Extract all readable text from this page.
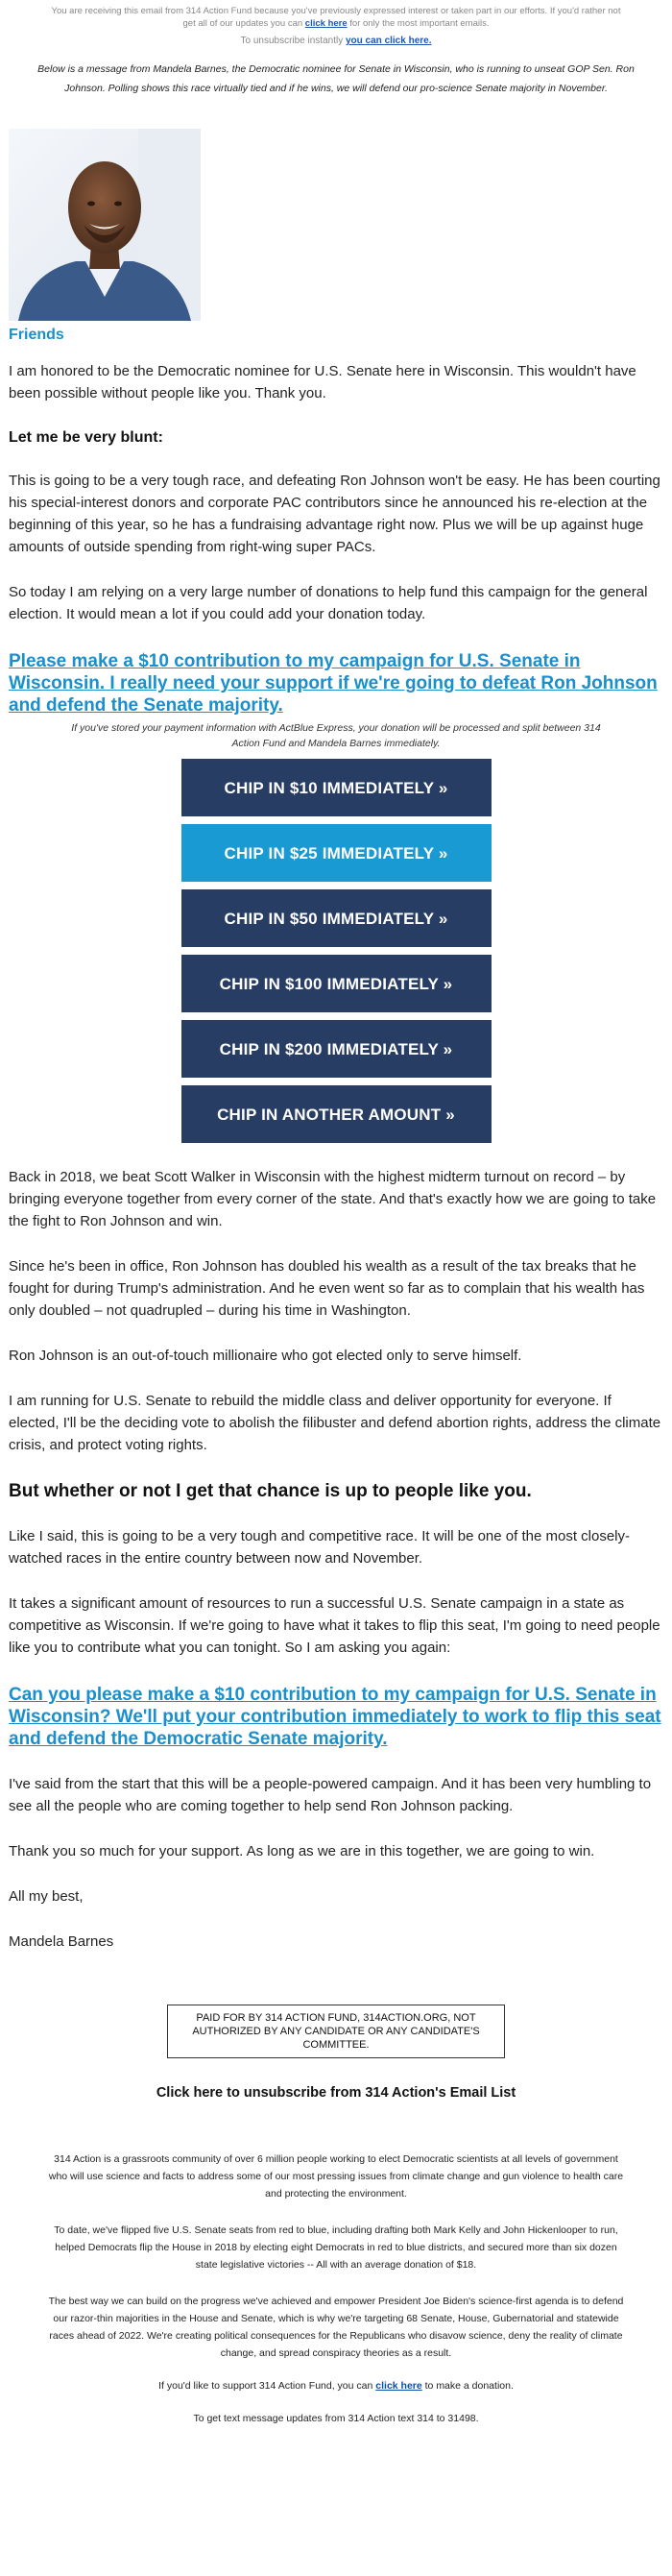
You are receiving this email from 314 Action Fund because you've previously expressed interest or taken part in our efforts. If you'd rather not get all of our updates you can click here for only the most important emails.
To unsubscribe instantly you can click here.
Below is a message from Mandela Barnes, the Democratic nominee for Senate in Wisconsin, who is running to unseat GOP Sen. Ron Johnson. Polling shows this race virtually tied and if he wins, we will defend our pro-science Senate majority in November.
Friends

I am honored to be the Democratic nominee for U.S. Senate here in Wisconsin. This wouldn't have been possible without people like you. Thank you.

Let me be very blunt:

This is going to be a very tough race, and defeating Ron Johnson won't be easy. He has been courting his special-interest donors and corporate PAC contributors since he announced his re-election at the beginning of this year, so he has a fundraising advantage right now. Plus we will be up against huge amounts of outside spending from right-wing super PACs.

So today I am relying on a very large number of donations to help fund this campaign for the general election. It would mean a lot if you could add your donation today.

Please make a $10 contribution to my campaign for U.S. Senate in Wisconsin. I really need your support if we're going to defeat Ron Johnson and defend the Senate majority.
If you've stored your payment information with ActBlue Express, your donation will be processed and split between 314 Action Fund and Mandela Barnes immediately.
CHIP IN $10 IMMEDIATELY »
CHIP IN $25 IMMEDIATELY »
CHIP IN $50 IMMEDIATELY »
CHIP IN $100 IMMEDIATELY »
CHIP IN $200 IMMEDIATELY »
CHIP IN ANOTHER AMOUNT »

Back in 2018, we beat Scott Walker in Wisconsin with the highest midterm turnout on record – by bringing everyone together from every corner of the state. And that's exactly how we are going to take the fight to Ron Johnson and win.

Since he's been in office, Ron Johnson has doubled his wealth as a result of the tax breaks that he fought for during Trump's administration. And he even went so far as to complain that his wealth has only doubled – not quadrupled – during his time in Washington.

Ron Johnson is an out-of-touch millionaire who got elected only to serve himself.

I am running for U.S. Senate to rebuild the middle class and deliver opportunity for everyone. If elected, I'll be the deciding vote to abolish the filibuster and defend abortion rights, address the climate crisis, and protect voting rights.

But whether or not I get that chance is up to people like you.

Like I said, this is going to be a very tough and competitive race. It will be one of the most closely-watched races in the entire country between now and November.

It takes a significant amount of resources to run a successful U.S. Senate campaign in a state as competitive as Wisconsin. If we're going to have what it takes to flip this seat, I'm going to need people like you to contribute what you can tonight. So I am asking you again:

Can you please make a $10 contribution to my campaign for U.S. Senate in Wisconsin? We'll put your contribution immediately to work to flip this seat and defend the Democratic Senate majority.

I've said from the start that this will be a people-powered campaign. And it has been very humbling to see all the people who are coming together to help send Ron Johnson packing.

Thank you so much for your support. As long as we are in this together, we are going to win.

All my best,

Mandela Barnes

PAID FOR BY 314 ACTION FUND, 314ACTION.ORG, NOT AUTHORIZED BY ANY CANDIDATE OR ANY CANDIDATE'S COMMITTEE.
Click here to unsubscribe from 314 Action's Email List
314 Action is a grassroots community of over 6 million people working to elect Democratic scientists at all levels of government who will use science and facts to address some of our most pressing issues from climate change and gun violence to health care and protecting the environment.
To date, we've flipped five U.S. Senate seats from red to blue, including drafting both Mark Kelly and John Hickenlooper to run, helped Democrats flip the House in 2018 by electing eight Democrats in red to blue districts, and secured more than six dozen state legislative victories -- All with an average donation of $18.
The best way we can build on the progress we've achieved and empower President Joe Biden's science-first agenda is to defend our razor-thin majorities in the House and Senate, which is why we're targeting 68 Senate, House, Gubernatorial and statewide races ahead of 2022. We're creating political consequences for the Republicans who disavow science, deny the reality of climate change, and spread conspiracy theories as a result.
If you'd like to support 314 Action Fund, you can click here to make a donation.
To get text message updates from 314 Action text 314 to 31498.
